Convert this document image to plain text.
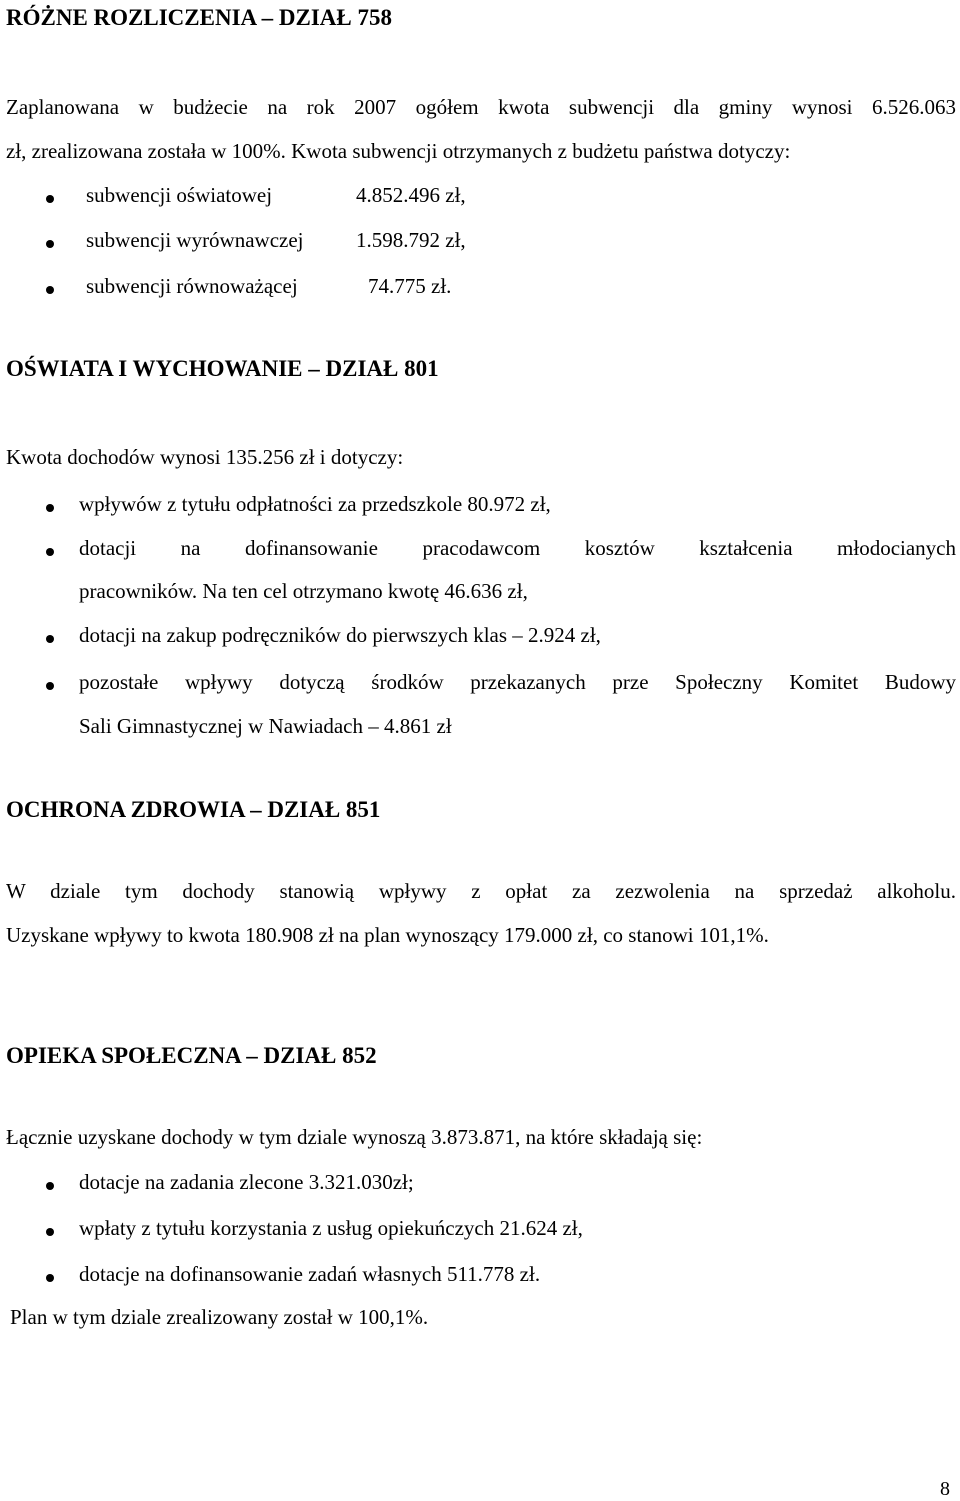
RÓŻNE ROZLICZENIA – DZIAŁ 758
Zaplanowana w budżecie na rok 2007 ogółem kwota subwencji dla gminy wynosi 6.526.063
zł, zrealizowana została w 100%. Kwota subwencji otrzymanych z budżetu państwa dotyczy:
subwencji oświatowej	4.852.496 zł,
subwencji wyrównawczej 1.598.792 zł,
subwencji równoważącej	74.775 zł.
OŚWIATA I WYCHOWANIE – DZIAŁ 801
Kwota dochodów wynosi 135.256 zł i dotyczy:
wpływów z tytułu odpłatności za przedszkole 80.972 zł,
dotacji na dofinansowanie pracodawcom kosztów kształcenia młodocianych
pracowników. Na ten cel otrzymano kwotę 46.636 zł,
dotacji na zakup podręczników do pierwszych klas – 2.924 zł,
pozostałe wpływy dotyczą środków przekazanych prze Społeczny Komitet Budowy
Sali Gimnastycznej w Nawiadach – 4.861 zł
OCHRONA ZDROWIA – DZIAŁ 851
W dziale tym dochody stanowią wpływy z opłat za zezwolenia na sprzedaż alkoholu.
Uzyskane wpływy to kwota 180.908 zł na plan wynoszący 179.000 zł, co stanowi 101,1%.
OPIEKA SPOŁECZNA – DZIAŁ 852
Łącznie uzyskane dochody w tym dziale wynoszą 3.873.871, na które składają się:
dotacje na zadania zlecone 3.321.030zł;
wpłaty z tytułu korzystania z usług opiekuńczych 21.624 zł,
dotacje na dofinansowanie zadań własnych 511.778 zł.
Plan w tym dziale zrealizowany został w 100,1%.
8
